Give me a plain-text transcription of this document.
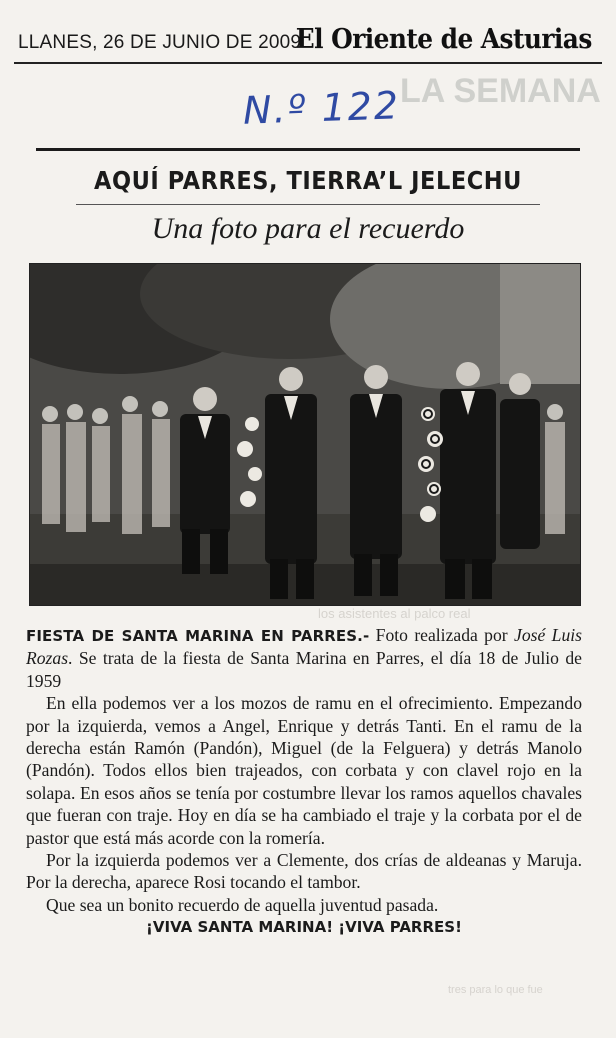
LA SEMANA
los asistentes al palco real
tres para lo que fue
LLANES, 26 DE JUNIO DE 2009
El Oriente de Asturias
N.º 122
AQUÍ PARRES, TIERRA’L JELECHU
Una foto para el recuerdo

FIESTA DE SANTA MARINA EN PARRES.- Foto realizada por José Luis Rozas. Se trata de la fiesta de Santa Marina en Parres, el día 18 de Julio de 1959

En ella podemos ver a los mozos de ramu en el ofrecimiento. Empezando por la izquierda, vemos a Angel, Enrique y detrás Tanti. En el ramu de la derecha están Ramón (Pandón), Miguel (de la Felguera) y detrás Manolo (Pandón). Todos ellos bien trajeados, con corbata y con clavel rojo en la solapa. En esos años se tenía por costumbre llevar los ramos aquellos chavales que fueran con traje. Hoy en día se ha cambiado el traje y la corbata por el de pastor que está más acorde con la romería.

Por la izquierda podemos ver a Clemente, dos crías de aldeanas y Maruja. Por la derecha, aparece Rosi tocando el tambor.

Que sea un bonito recuerdo de aquella juventud pasada.

¡VIVA SANTA MARINA! ¡VIVA PARRES!
